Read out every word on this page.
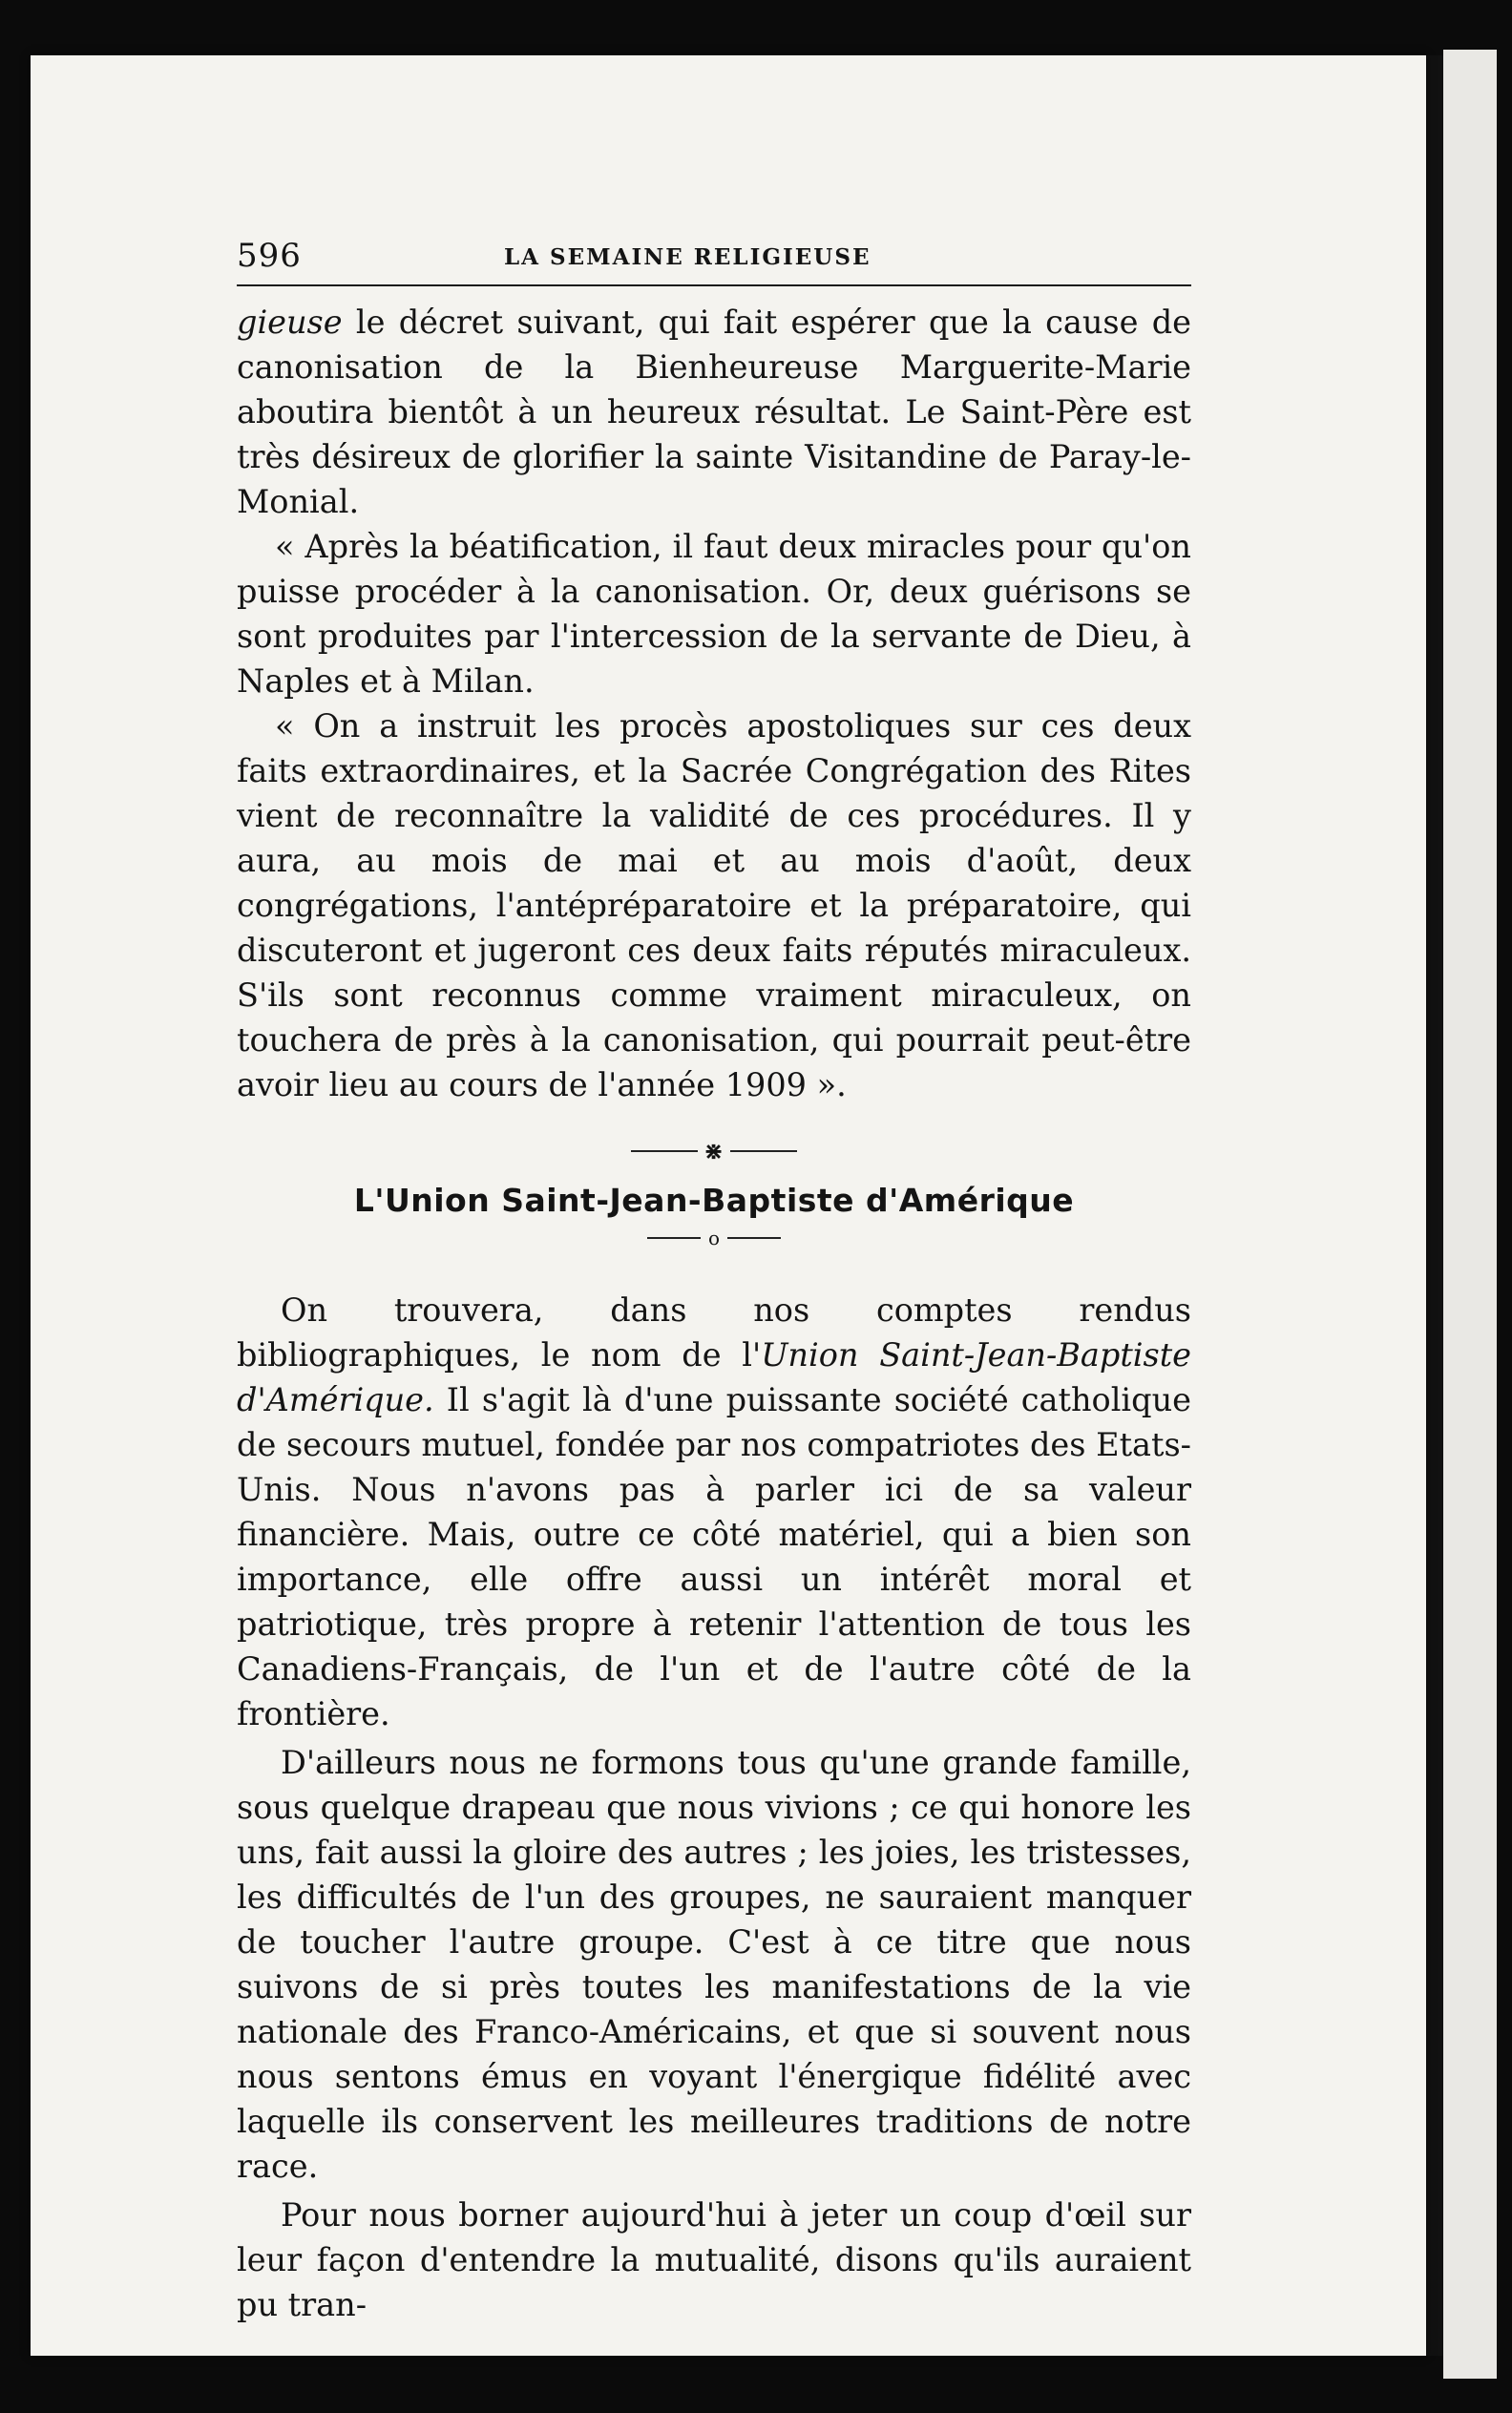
596	LA SEMAINE RELIGIEUSE

gieuse le décret suivant, qui fait espérer que la cause de canonisation de la Bienheureuse Marguerite-Marie aboutira bientôt à un heureux résultat. Le Saint-Père est très désireux de glorifier la sainte Visitandine de Paray-le-Monial.

« Après la béatification, il faut deux miracles pour qu'on puisse procéder à la canonisation. Or, deux guérisons se sont produites par l'intercession de la servante de Dieu, à Naples et à Milan.

« On a instruit les procès apostoliques sur ces deux faits extraordinaires, et la Sacrée Congrégation des Rites vient de reconnaître la validité de ces procédures. Il y aura, au mois de mai et au mois d'août, deux congrégations, l'antépréparatoire et la préparatoire, qui discuteront et jugeront ces deux faits réputés miraculeux. S'ils sont reconnus comme vraiment miraculeux, on touchera de près à la canonisation, qui pourrait peut-être avoir lieu au cours de l'année 1909 ».

⋇
L'Union Saint-Jean-Baptiste d'Amérique
o

On trouvera, dans nos comptes rendus bibliographiques, le nom de l'Union Saint-Jean-Baptiste d'Amérique. Il s'agit là d'une puissante société catholique de secours mutuel, fondée par nos compatriotes des Etats-Unis. Nous n'avons pas à parler ici de sa valeur financière. Mais, outre ce côté matériel, qui a bien son importance, elle offre aussi un intérêt moral et patriotique, très propre à retenir l'attention de tous les Canadiens-Français, de l'un et de l'autre côté de la frontière.

D'ailleurs nous ne formons tous qu'une grande famille, sous quelque drapeau que nous vivions ; ce qui honore les uns, fait aussi la gloire des autres ; les joies, les tristesses, les difficultés de l'un des groupes, ne sauraient manquer de toucher l'autre groupe. C'est à ce titre que nous suivons de si près toutes les manifestations de la vie nationale des Franco-Américains, et que si souvent nous nous sentons émus en voyant l'énergique fidélité avec laquelle ils conservent les meilleures traditions de notre race.

Pour nous borner aujourd'hui à jeter un coup d'œil sur leur façon d'entendre la mutualité, disons qu'ils auraient pu tran-
